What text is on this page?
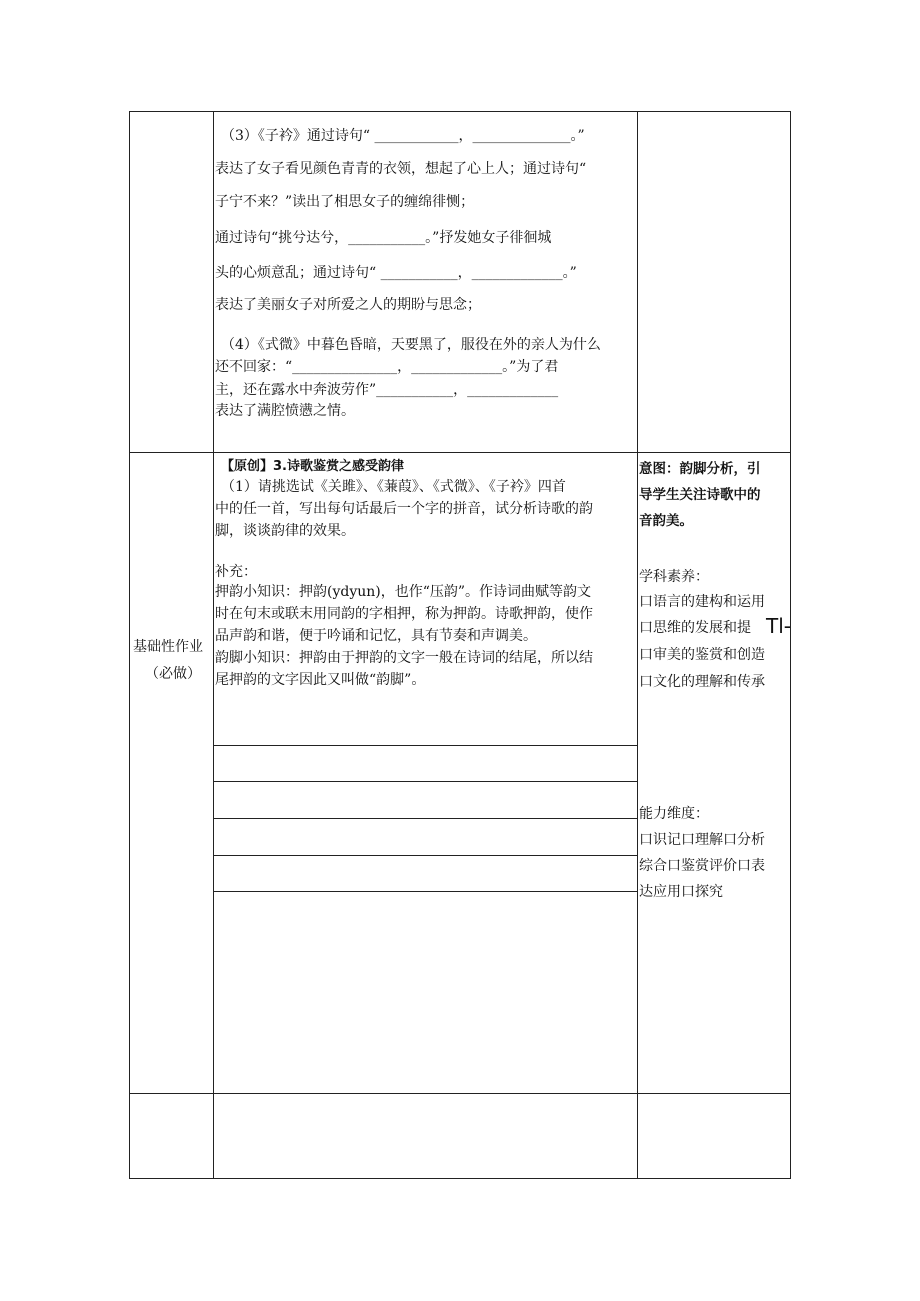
（3）《子衿》通过诗句“ ____________，______________。”
表达了女子看见颜色青青的衣领，想起了心上人；通过诗句“
子宁不来？”读出了相思女子的缠绵徘恻；
通过诗句“挑兮达兮，___________。”抒发她女子徘徊城
头的心烦意乱；通过诗句“ ___________，_____________。”
表达了美丽女子对所爱之人的期盼与思念；
（4）《式微》中暮色昏暗，天要黑了，服役在外的亲人为什么
还不回家：“_______________，_____________。”为了君
主，还在露水中奔波劳作”___________，_____________
表达了满腔愤懑之情。
基础性作业
（必做）
【原创】3.诗歌鉴赏之感受韵律
（1）请挑选试《关雎》、《蒹葭》、《式微》、《子衿》四首
中的任一首，写出每句话最后一个字的拼音，试分析诗歌的韵
脚，谈谈韵律的效果。
补充：
押韵小知识：押韵(ydyun)，也作“压韵”。作诗词曲赋等韵文
时在句末或联末用同韵的字相押，称为押韵。诗歌押韵，使作
品声韵和谐，便于吟诵和记忆，具有节奏和声调美。
韵脚小知识：押韵由于押韵的文字一般在诗词的结尾，所以结
尾押韵的文字因此又叫做“韵脚”。
意图：韵脚分析，引
导学生关注诗歌中的
音韵美。
学科素养：
口语言的建构和运用
口思维的发展和提 Tl-
口审美的鉴赏和创造
口文化的理解和传承
能力维度：
口识记口理解口分析
综合口鉴赏评价口表
达应用口探究
